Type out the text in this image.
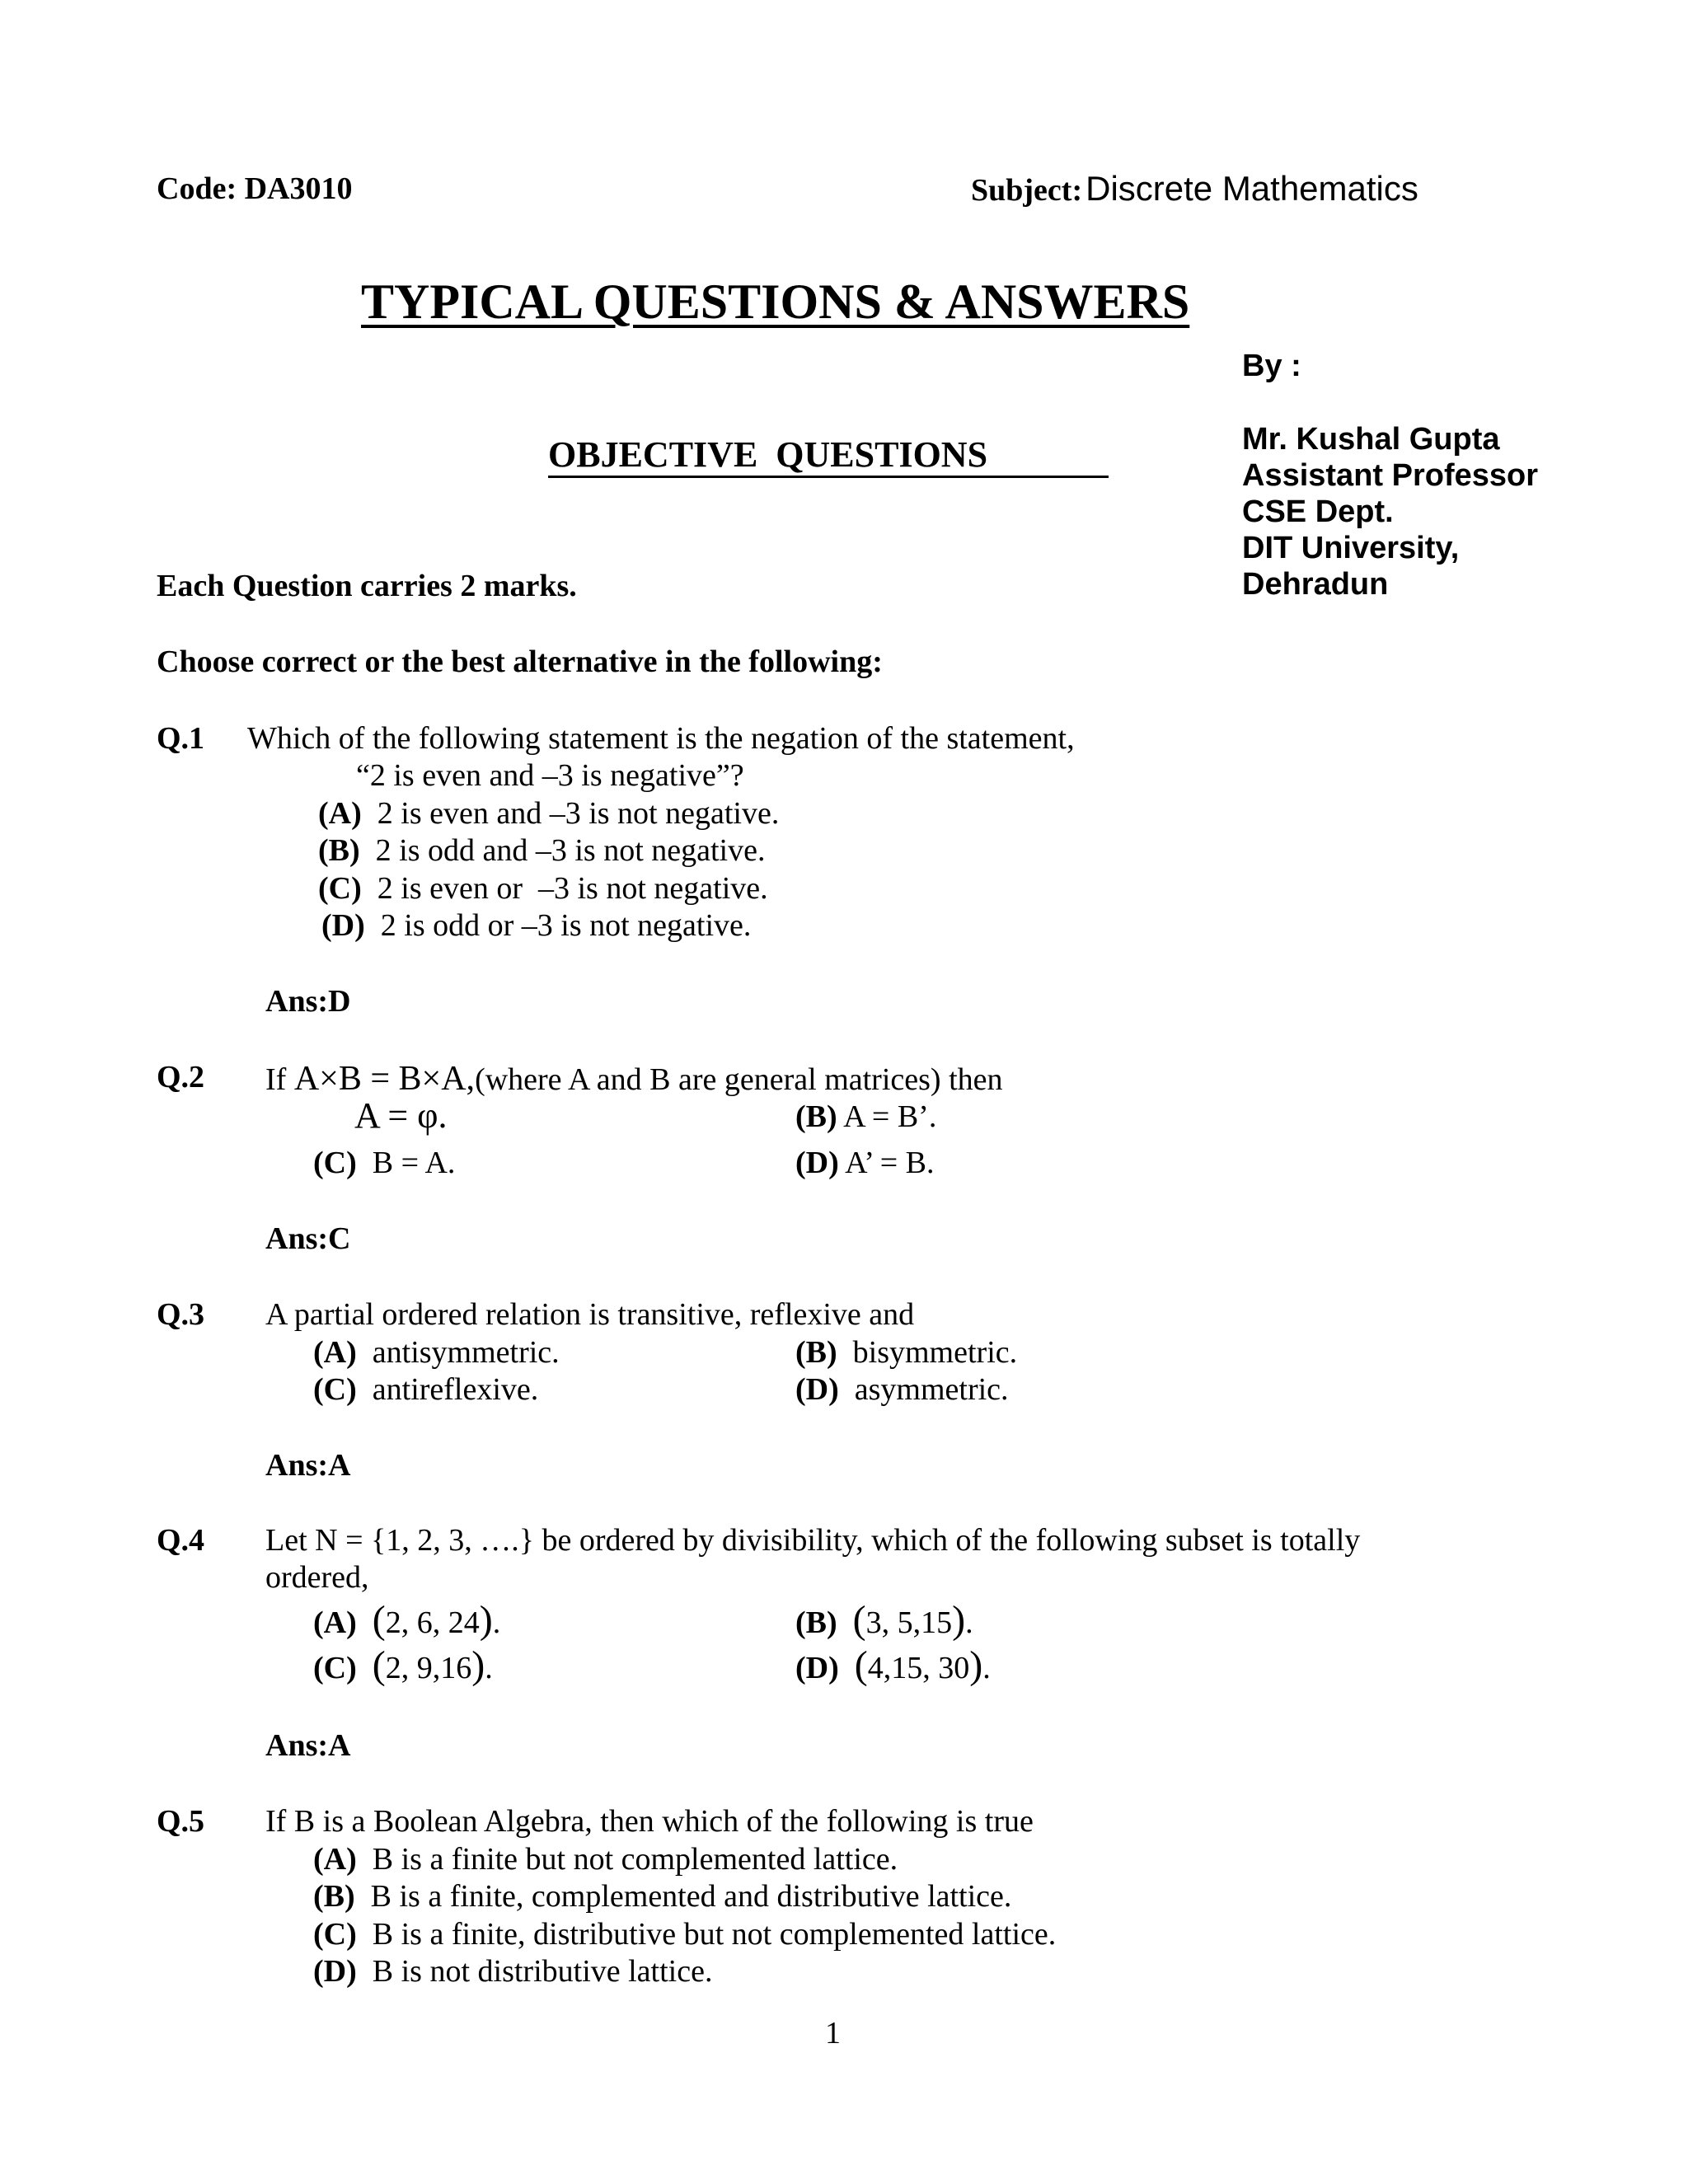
Code: DA3010	Subject: Discrete Mathematics
TYPICAL QUESTIONS & ANSWERS
By :
Mr. Kushal Gupta
Assistant Professor
CSE Dept.
DIT University,
Dehradun
OBJECTIVE  QUESTIONS
Each Question carries 2 marks.
Choose correct or the best alternative in the following:
Q.1 Which of the following statement is the negation of the statement,
“2 is even and –3 is negative”?
(A) 2 is even and –3 is not negative.
(B) 2 is odd and –3 is not negative.
(C) 2 is even or  –3 is not negative.
(D) 2 is odd or –3 is not negative.
Ans:D
Q.2 If A×B = B×A,(where A and B are general matrices) then
A = φ.	(B) A = B’.
(C) B = A.	(D) A’ = B.
Ans:C
Q.3 A partial ordered relation is transitive, reflexive and
(A) antisymmetric.	(B) bisymmetric.
(C) antireflexive.	(D) asymmetric.
Ans:A
Q.4 Let N = {1, 2, 3, ….} be ordered by divisibility, which of the following subset is totally
ordered,
(A) (2, 6, 24).	(B) (3, 5,15).
(C) (2, 9,16).	(D) (4,15, 30).
Ans:A
Q.5 If B is a Boolean Algebra, then which of the following is true
(A) B is a finite but not complemented lattice.
(B) B is a finite, complemented and distributive lattice.
(C) B is a finite, distributive but not complemented lattice.
(D) B is not distributive lattice.
1
